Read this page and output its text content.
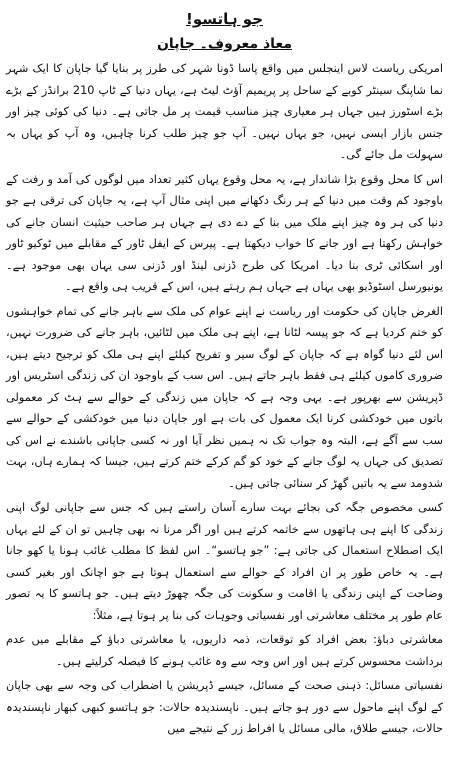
جو ہاتسو!
معاذ معروف۔ جاپان

امریکی ریاست لاس اینجلس میں واقع پاسا ڈونا شہر کی طرز پر بنایا گیا جاپان کا ایک شہر نما شاپنگ سینٹر کوبے کے ساحل پر پریمیم آؤٹ لیٹ ہے، یہاں دنیا کے ٹاپ 210 برانڈز کے بڑے بڑے اسٹورز ہیں جہاں ہر معیاری چیز مناسب قیمت پر مل جاتی ہے۔ دنیا کی کوئی چیز اور جنس بازار ایسی نہیں، جو یہاں نہیں۔ آپ جو چیز طلب کرنا چاہیں، وہ آپ کو یہاں بہ سہولت مل جائے گی۔

اس کا محل وقوع بڑا شاندار ہے، یہ محل وقوع یہاں کثیر تعداد میں لوگوں کی آمد و رفت کے باوجود کم وقت میں دنیا کے ہر رنگ دکھانے میں اپنی مثال آپ ہے، یہ جاپان کی ترقی ہے جو دنیا کی ہر وہ چیز اپنے ملک میں بنا کے دے دی ہے جہاں ہر صاحب حیثیت انسان جانے کی خواہش رکھتا ہے اور جانے کا خواب دیکھتا ہے۔ پیرس کے ایفل ٹاور کے مقابلے میں ٹوکیو ٹاور اور اسکائی ٹری بنا دیا۔ امریکا کی طرح ڈزنی لینڈ اور ڈزنی سی یہاں بھی موجود ہے۔ یونیورسل اسٹوڈیو بھی یہاں ہے جہاں ہم رہتے ہیں، اس کے قریب ہی واقع ہے۔

الغرض جاپان کی حکومت اور ریاست نے اپنے عوام کی ملک سے باہر جانے کی تمام خواہشوں کو ختم کردیا ہے کہ جو پیسہ لٹانا ہے، اپنے ہی ملک میں لٹائیں، باہر جانے کی ضرورت نہیں، اس لئے دنیا گواہ ہے کہ جاپان کے لوگ سیر و تفریح کیلئے اپنے ہی ملک کو ترجیح دیتے ہیں، ضروری کاموں کیلئے ہی فقط باہر جاتے ہیں۔ اس سب کے باوجود ان کی زندگی اسٹریس اور ڈپریشن سے بھرپور ہے۔ یہی وجہ ہے کہ جاپان میں زندگی کے حوالے سے ہٹ کر معمولی باتوں میں خودکشی کرنا ایک معمول کی بات ہے اور جاپان دنیا میں خودکشی کے حوالے سے سب سے آگے ہے، البتہ وہ جواب تک نہ ہمیں نظر آیا اور نہ کسی جاپانی باشندے نے اس کی تصدیق کی جہاں یہ لوگ جانے کے خود کو گم کرکے ختم کرتے ہیں، جیسا کہ ہمارے ہاں، بہت شدومد سے یہ باتیں گھڑ کر سنائی جاتی ہیں۔

کسی مخصوص جگہ کی بجائے بہت سارے آسان راستے ہیں کہ جس سے جاپانی لوگ اپنی زندگی کا اپنے ہی ہاتھوں سے خاتمہ کرتے ہیں اور اگر مرنا نہ بھی چاہیں تو ان کے لئے یہاں ایک اصطلاح استعمال کی جاتی ہے: ”جو ہاتسو“۔ اس لفظ کا مطلب غائب ہونا یا کھو جانا ہے۔ یہ خاص طور پر ان افراد کے حوالے سے استعمال ہوتا ہے جو اچانک اور بغیر کسی وضاحت کے اپنی زندگی یا اقامت و سکونت کی جگہ چھوڑ دیتے ہیں۔ جو ہاتسو کا یہ تصور عام طور پر مختلف معاشرتی اور نفسیاتی وجوہات کی بنا پر ہوتا ہے، مثلاً:

معاشرتی دباؤ: بعض افراد کو توقعات، ذمہ داریوں، یا معاشرتی دباؤ کے مقابلے میں عدم برداشت محسوس کرتے ہیں اور اس وجہ سے وہ غائب ہونے کا فیصلہ کرلیتے ہیں۔

نفسیاتی مسائل: ذہنی صحت کے مسائل، جیسے ڈپریشن یا اضطراب کی وجہ سے بھی جاپان کے لوگ اپنے ماحول سے دور ہو جاتے ہیں۔ ناپسندیدہ حالات: جو ہاتسو کبھی کبھار ناپسندیدہ حالات، جیسے طلاق، مالی مسائل یا افراط زر کے نتیجے میں
